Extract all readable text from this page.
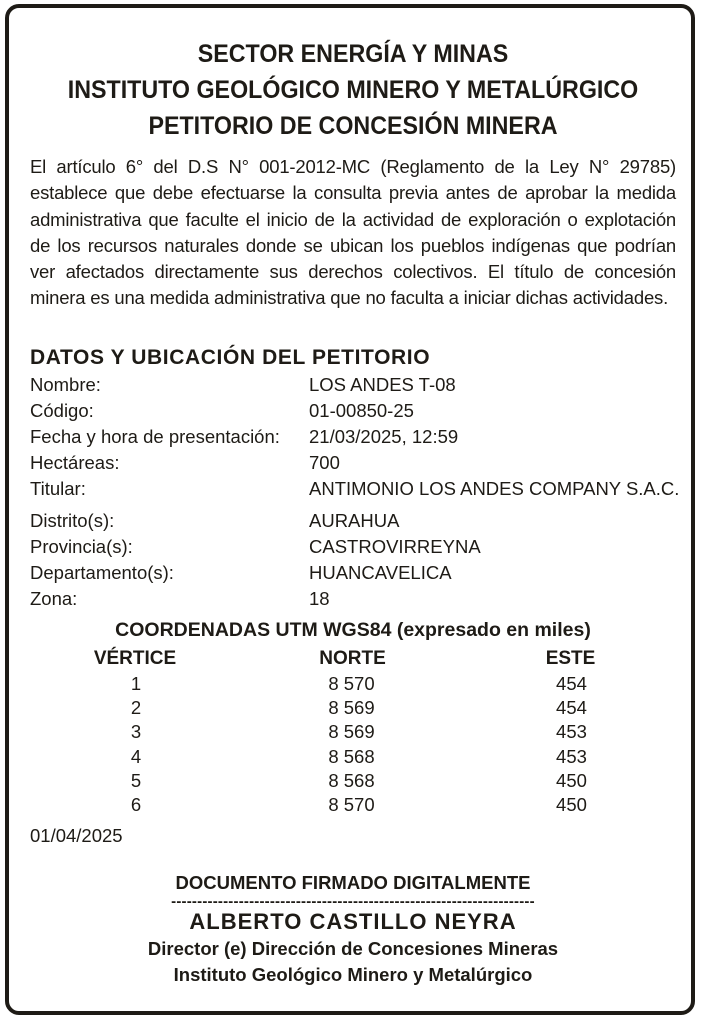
SECTOR ENERGÍA Y MINAS
INSTITUTO GEOLÓGICO MINERO Y METALÚRGICO
PETITORIO DE CONCESIÓN MINERA
El artículo 6° del D.S N° 001-2012-MC (Reglamento de la Ley N° 29785) establece que debe efectuarse la consulta previa antes de aprobar la medida administrativa que faculte el inicio de la actividad de exploración o explotación de los recursos naturales donde se ubican los pueblos indígenas que podrían ver afectados directamente sus derechos colectivos. El título de concesión minera es una medida administrativa que no faculta a iniciar dichas actividades.
DATOS Y UBICACIÓN DEL PETITORIO
Nombre:	LOS ANDES T-08
Código:	01-00850-25
Fecha y hora de presentación:	21/03/2025, 12:59
Hectáreas:	700
Titular:	ANTIMONIO LOS ANDES COMPANY S.A.C.
Distrito(s):	AURAHUA
Provincia(s):	CASTROVIRREYNA
Departamento(s):	HUANCAVELICA
Zona:	18
COORDENADAS UTM WGS84 (expresado en miles)
VÉRTICE	NORTE	ESTE
1	8 570	454
2	8 569	454
3	8 569	453
4	8 568	453
5	8 568	450
6	8 570	450
01/04/2025
DOCUMENTO FIRMADO DIGITALMENTE
----------------------------------------------------------------------
ALBERTO CASTILLO NEYRA
Director (e) Dirección de Concesiones Mineras
Instituto Geológico Minero y Metalúrgico
